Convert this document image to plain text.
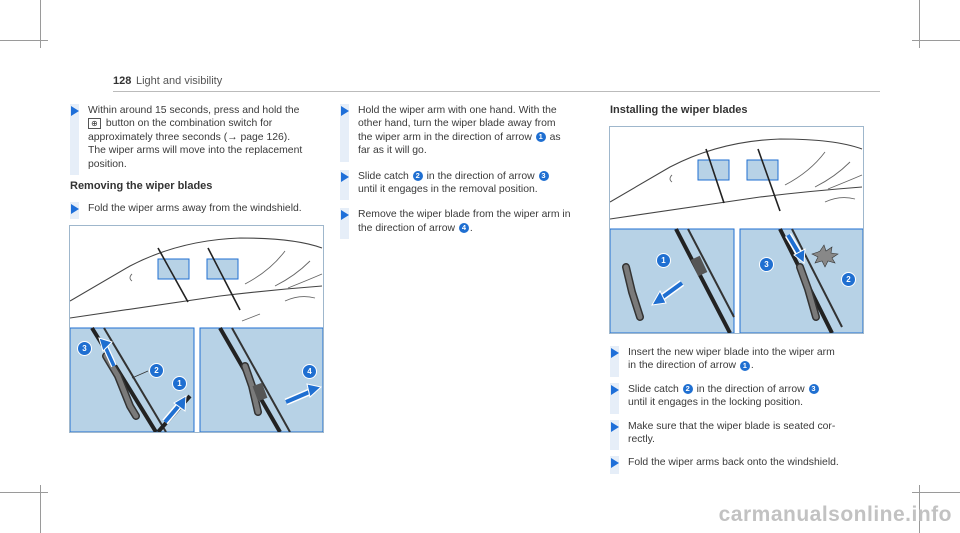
128 Light and visibility
Within around 15 seconds, press and hold the
⊕ button on the combination switch for
approximately three seconds (→ page 126).
The wiper arms will move into the replacement
position.
Removing the wiper blades
Fold the wiper arms away from the windshield.
3
2
1
4
Hold the wiper arm with one hand. With the
other hand, turn the wiper blade away from
the wiper arm in the direction of arrow 1 as
far as it will go.
Slide catch 2 in the direction of arrow 3
until it engages in the removal position.
Remove the wiper blade from the wiper arm in
the direction of arrow 4 .
Installing the wiper blades
1	3
2
Insert the new wiper blade into the wiper arm
in the direction of arrow 1 .
Slide catch 2 in the direction of arrow 3
until it engages in the locking position.
Make sure that the wiper blade is seated cor-
rectly.
Fold the wiper arms back onto the windshield.
carmanualsonline.info
